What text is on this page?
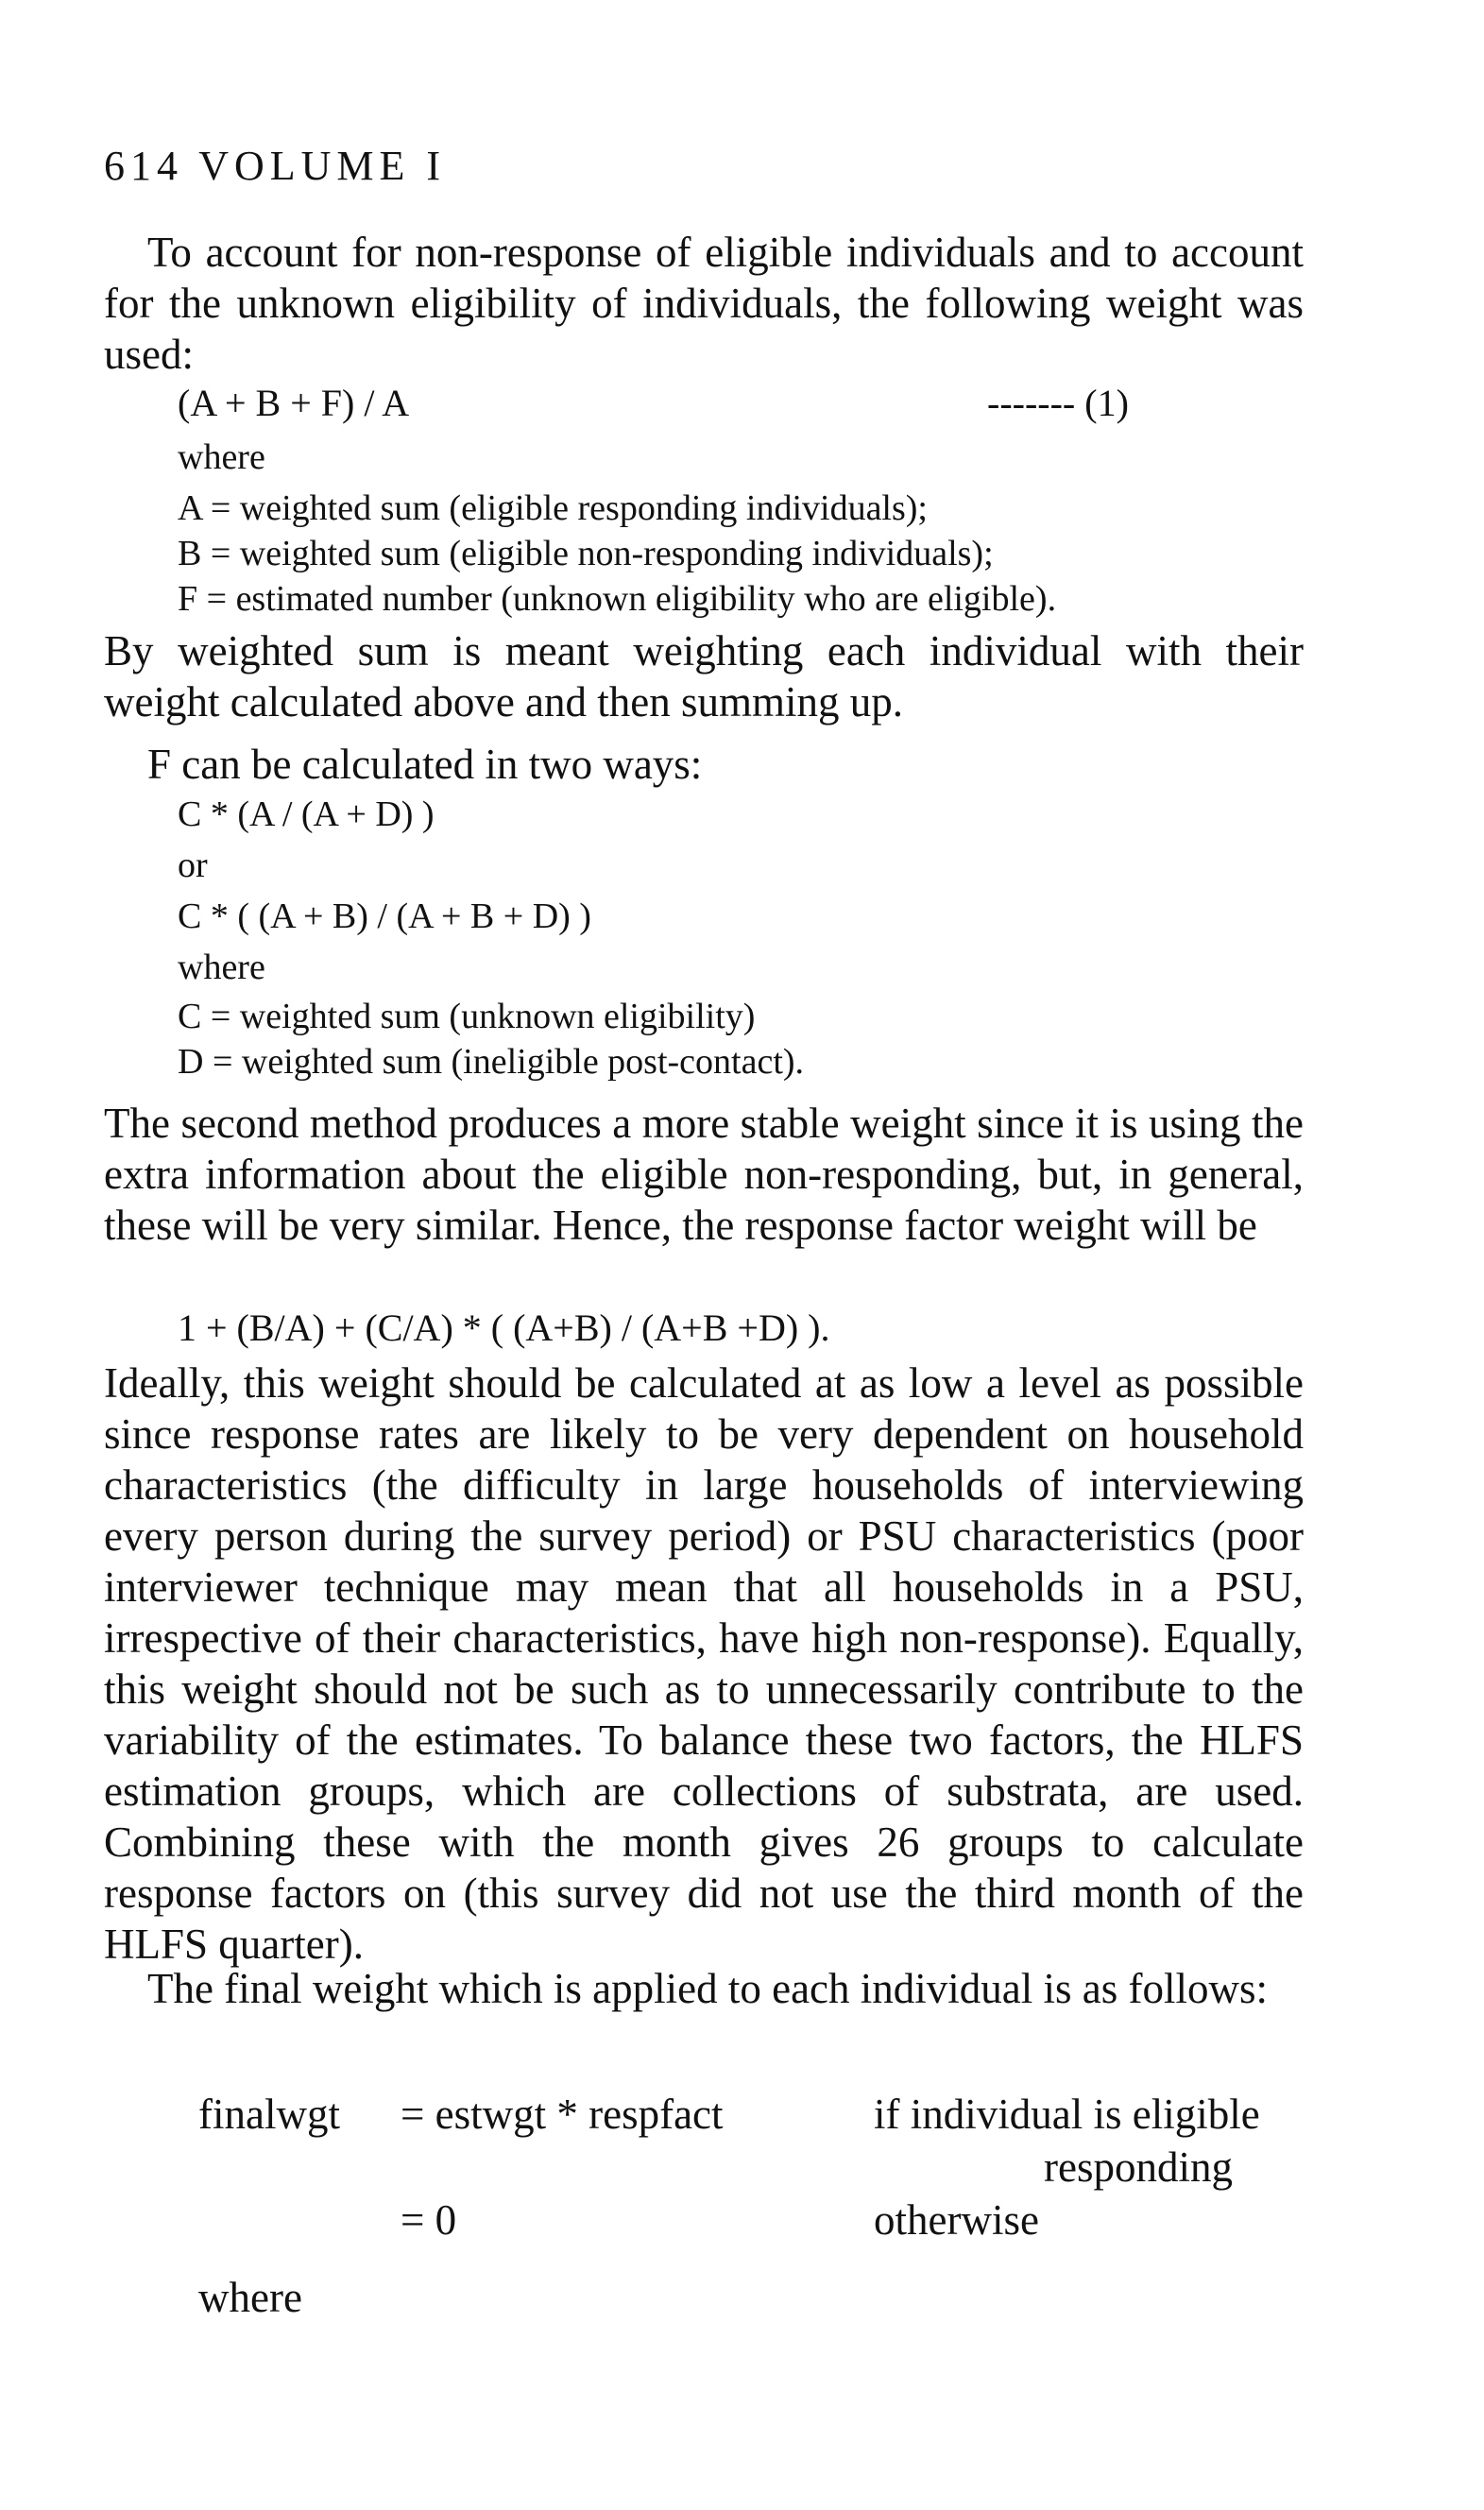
614 VOLUME I

To account for non-response of eligible individuals and to account for the unknown eligibility of individuals, the following weight was used:

(A + B + F) / A	------- (1)
where
A = weighted sum (eligible responding individuals);
B = weighted sum (eligible non-responding individuals);
F = estimated number (unknown eligibility who are eligible).

By weighted sum is meant weighting each individual with their weight calculated above and then summing up.

F can be calculated in two ways:

C * (A / (A + D) )
or
C * ( (A + B) / (A + B + D) )
where
C = weighted sum (unknown eligibility)
D = weighted sum (ineligible post-contact).

The second method produces a more stable weight since it is using the extra information about the eligible non-responding, but, in general, these will be very similar. Hence, the response factor weight will be

1 + (B/A) + (C/A) * ( (A+B) / (A+B +D) ).

Ideally, this weight should be calculated at as low a level as possible since response rates are likely to be very dependent on household characteristics (the difficulty in large households of interviewing every person during the survey period) or PSU characteristics (poor interviewer technique may mean that all households in a PSU, irrespective of their characteristics, have high non-response). Equally, this weight should not be such as to unnecessarily contribute to the variability of the estimates. To balance these two factors, the HLFS estimation groups, which are collections of substrata, are used. Combining these with the month gives 26 groups to calculate response factors on (this survey did not use the third month of the HLFS quarter).

The final weight which is applied to each individual is as follows:

finalwgt = estwgt * respfact	if individual is eligible
responding
= 0	otherwise
where
